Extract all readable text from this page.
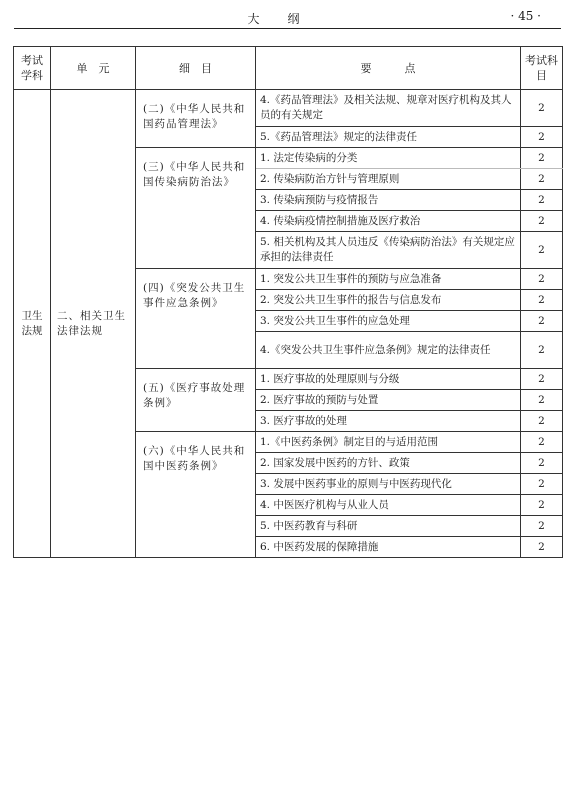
大纲	· 45 ·
考试学科	单　元	细　目	要　　　点	考试科目
卫生法规	二、相关卫生法律法规	(二)《中华人民共和国药品管理法》	4.《药品管理法》及相关法规、规章对医疗机构及其人员的有关规定	2
			5.《药品管理法》规定的法律责任	2
		(三)《中华人民共和国传染病防治法》	1. 法定传染病的分类	2
			2. 传染病防治方针与管理原则	2
			3. 传染病预防与疫情报告	2
			4. 传染病疫情控制措施及医疗救治	2
			5. 相关机构及其人员违反《传染病防治法》有关规定应承担的法律责任	2
		(四)《突发公共卫生事件应急条例》	1. 突发公共卫生事件的预防与应急准备	2
			2. 突发公共卫生事件的报告与信息发布	2
			3. 突发公共卫生事件的应急处理	2
			4.《突发公共卫生事件应急条例》规定的法律责任	2
		(五)《医疗事故处理条例》	1. 医疗事故的处理原则与分级	2
			2. 医疗事故的预防与处置	2
			3. 医疗事故的处理	2
		(六)《中华人民共和国中医药条例》	1.《中医药条例》制定目的与适用范围	2
			2. 国家发展中医药的方针、政策	2
			3. 发展中医药事业的原则与中医药现代化	2
			4. 中医医疗机构与从业人员	2
			5. 中医药教育与科研	2
			6. 中医药发展的保障措施	2
